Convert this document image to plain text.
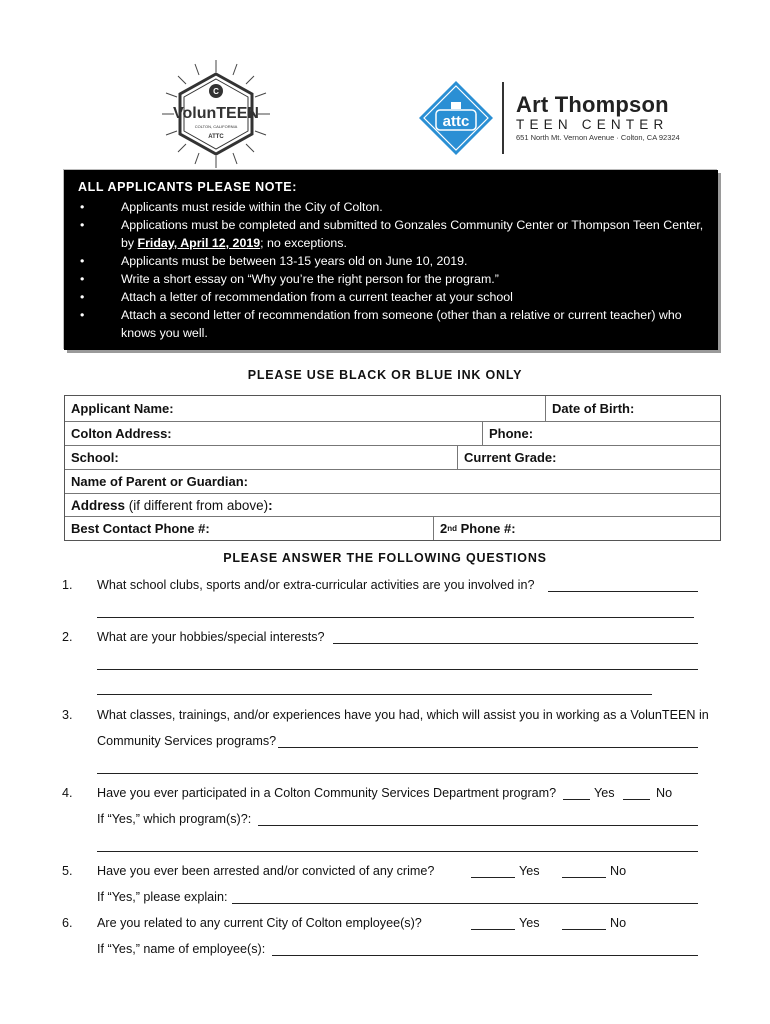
C
VolunTEEN
COLTON, CALIFORNIA
ATTC
attc
Art Thompson
TEEN CENTER
651 North Mt. Vernon Avenue · Colton, CA 92324
ALL APPLICANTS PLEASE NOTE:
•	Applicants must reside within the City of Colton.
•	Applications must be completed and submitted to Gonzales Community Center or Thompson Teen Center, by Friday, April 12, 2019; no exceptions.
•	Applicants must be between 13-15 years old on June 10, 2019.
•	Write a short essay on “Why you’re the right person for the program.”
•	Attach a letter of recommendation from a current teacher at your school
•	Attach a second letter of recommendation from someone (other than a relative or current teacher) who knows you well.
PLEASE USE BLACK OR BLUE INK ONLY
Applicant Name:	Date of Birth:
Colton Address:	Phone:
School:	Current Grade:
Name of Parent or Guardian:
Address
(if different from above) :
Best Contact Phone #:	2 nd Phone #:
PLEASE ANSWER THE FOLLOWING QUESTIONS
1. What school clubs, sports and/or extra-curricular activities are you involved in?
2. What are your hobbies/special interests?
3. What classes, trainings, and/or experiences have you had, which will assist you in working as a VolunTEEN in
Community Services programs?
4. Have you ever participated in a Colton Community Services Department program?	Yes	No
If “Yes,” which program(s)?:
5. Have you ever been arrested and/or convicted of any crime?	Yes	No
If “Yes,” please explain:
6. Are you related to any current City of Colton employee(s)?	Yes	No
If “Yes,” name of employee(s):
